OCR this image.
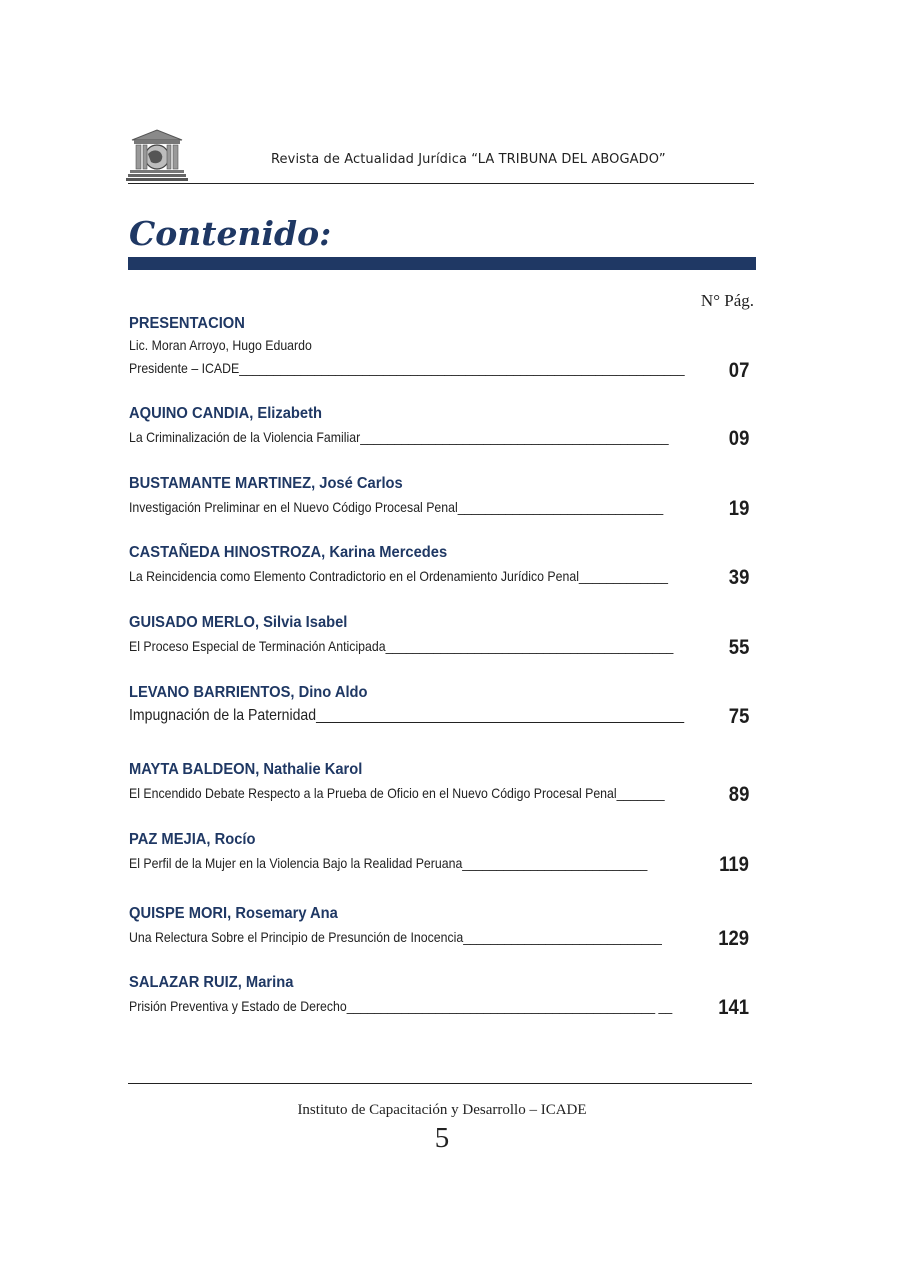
Revista de Actualidad Jurídica “LA TRIBUNA DEL ABOGADO”
Contenido:
N° Pág.
PRESENTACION
Lic. Moran Arroyo, Hugo Eduardo
Presidente – ICADE_________________________________________________________________	07
AQUINO CANDIA, Elizabeth
La Criminalización de la Violencia Familiar_____________________________________________	09
BUSTAMANTE MARTINEZ, José Carlos
Investigación Preliminar en el Nuevo Código Procesal Penal______________________________	19
CASTAÑEDA HINOSTROZA, Karina Mercedes
La Reincidencia como Elemento Contradictorio en el Ordenamiento Jurídico Penal_____________	39
GUISADO MERLO, Silvia Isabel
El Proceso Especial de Terminación Anticipada__________________________________________	55
LEVANO BARRIENTOS, Dino Aldo
Impugnación de la Paternidad_______________________________________________	75
MAYTA BALDEON, Nathalie Karol
El Encendido Debate Respecto a la Prueba de Oficio en el Nuevo Código Procesal Penal_______	89
PAZ MEJIA, Rocío
El Perfil de la Mujer en la Violencia Bajo la Realidad Peruana___________________________	119
QUISPE MORI, Rosemary Ana
Una Relectura Sobre el Principio de Presunción de Inocencia_____________________________	129
SALAZAR RUIZ, Marina
Prisión Preventiva y Estado de Derecho_____________________________________________ __	141
Instituto de Capacitación y Desarrollo – ICADE
5
